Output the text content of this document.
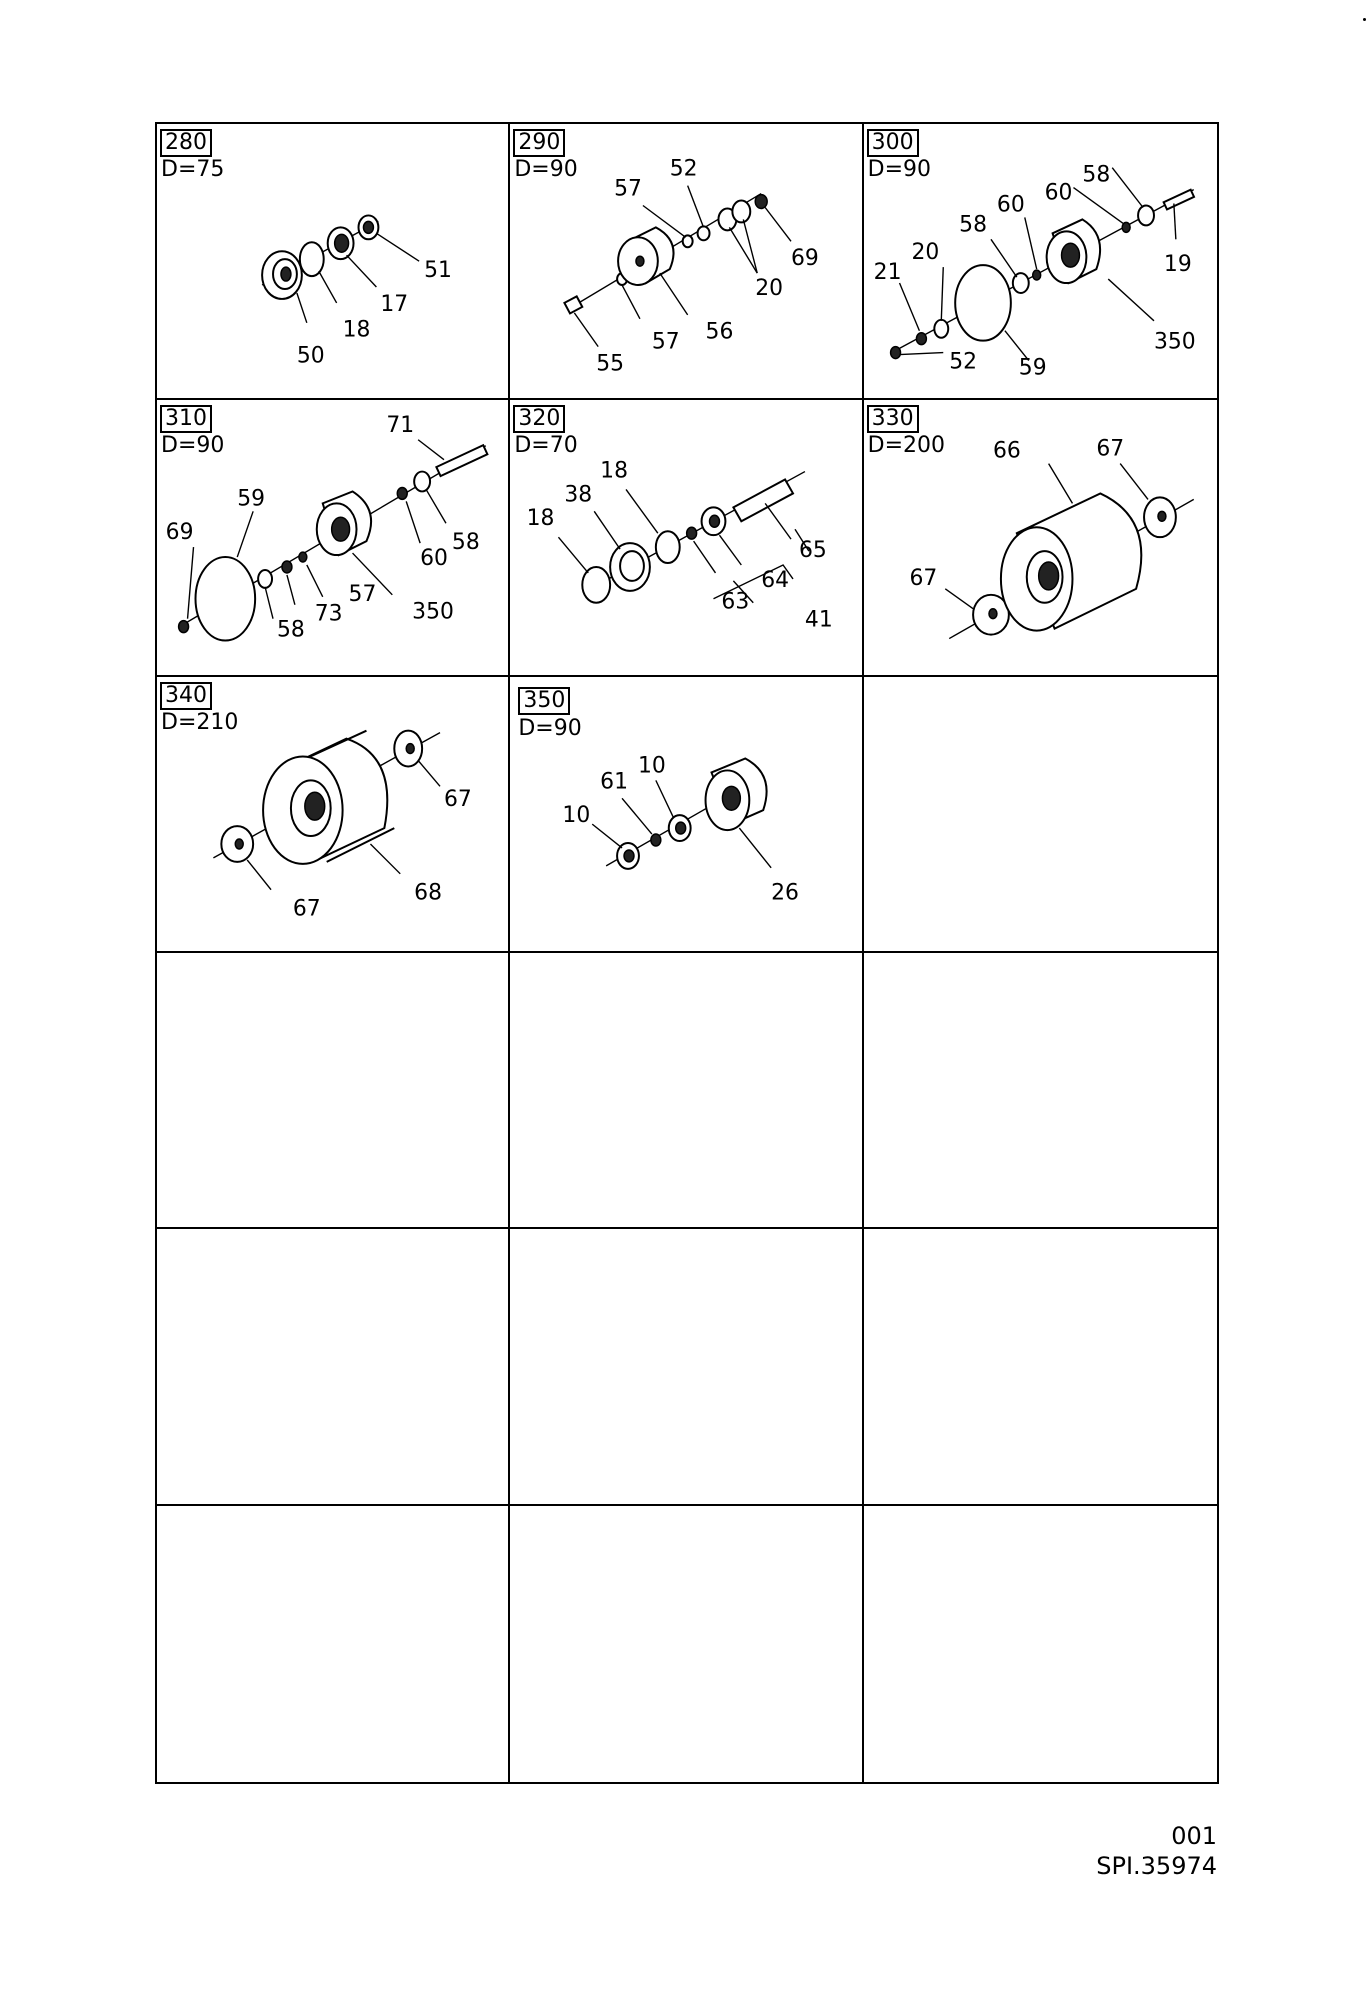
280
D=75
51
17
18
50
290
D=90	52
57
69
20
56
57
55
300
D=90	58
60
60
58
20
21	19
350
52 59
310
D=90
71
59
69	58
60
57
73
58
350
320
D=70
18
38
18
65
64
63
41
330
D=200 66	67
67
340
D=210
67
67
68
350
D=90
10
61
10
26
001
SPI.35974
